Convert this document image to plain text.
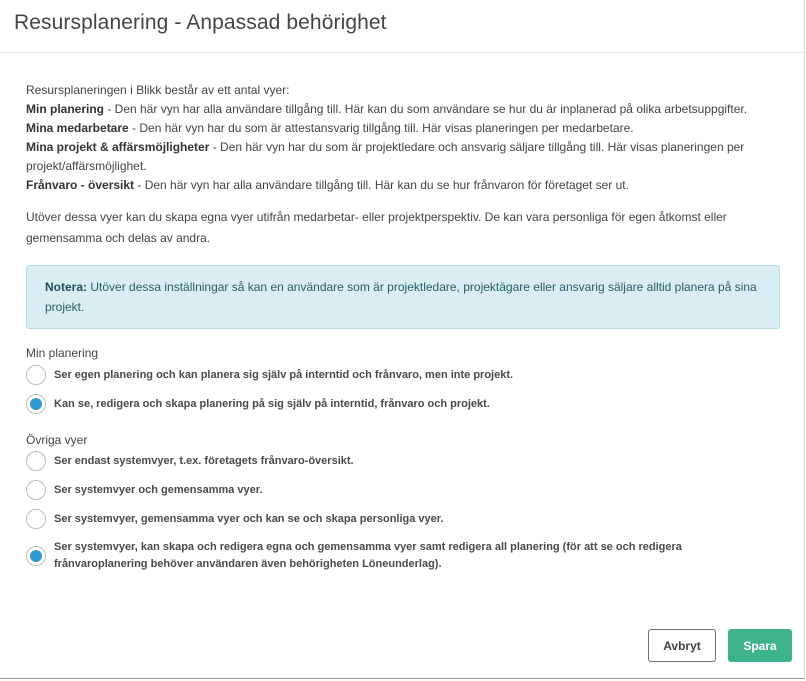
Resursplanering - Anpassad behörighet

Resursplaneringen i Blikk består av ett antal vyer:

Min planering - Den här vyn har alla användare tillgång till. Här kan du som användare se hur du är inplanerad på olika arbetsuppgifter.

Mina medarbetare - Den här vyn har du som är attestansvarig tillgång till. Här visas planeringen per medarbetare.

Mina projekt & affärsmöjligheter - Den här vyn har du som är projektledare och ansvarig säljare tillgång till. Här visas planeringen per projekt/affärsmöjlighet.

Frånvaro - översikt - Den här vyn har alla användare tillgång till. Här kan du se hur frånvaron för företaget ser ut.

Utöver dessa vyer kan du skapa egna vyer utifrån medarbetar- eller projektperspektiv. De kan vara personliga för egen åtkomst eller gemensamma och delas av andra.

Notera: Utöver dessa inställningar så kan en användare som är projektledare, projektägare eller ansvarig säljare alltid planera på sina projekt.
Min planering
Ser egen planering och kan planera sig själv på interntid och frånvaro, men inte projekt.
Kan se, redigera och skapa planering på sig själv på interntid, frånvaro och projekt.
Övriga vyer
Ser endast systemvyer, t.ex. företagets frånvaro-översikt.
Ser systemvyer och gemensamma vyer.
Ser systemvyer, gemensamma vyer och kan se och skapa personliga vyer.
Ser systemvyer, kan skapa och redigera egna och gemensamma vyer samt redigera all planering (för att se och redigera frånvaroplanering behöver användaren även behörigheten Löneunderlag).
Avbryt	Spara
